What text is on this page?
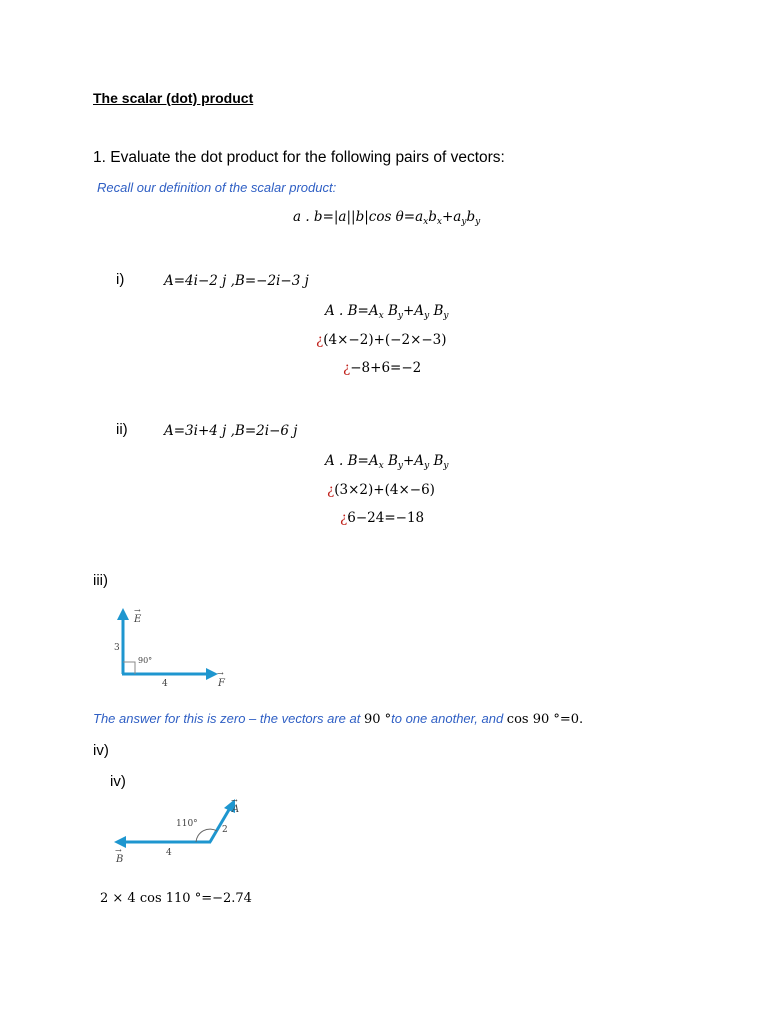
The scalar (dot) product
1. Evaluate the dot product for the following pairs of vectors:
Recall our definition of the scalar product:
a . b=|a||b|cos $\theta=a_xb_x+a_yb_y$
i)	A=4i−2 j ,B=−2i−3 j
A . $B=A_x$ $B_y+A_y$ $B_y$
¿(4×−2)+(−2×−3)
¿−8+6=−2
ii)	A=3i+4 j ,B=2i−6 j
A . $B=A_x$ $B_y+A_y$ $B_y$
¿(3×2)+(4×−6)
¿6−24=−18
iii)
E
→
F
→
3
4
90°
The answer for this is zero – the vectors are at 90 °to one another, and cos 90 °=0.
iv)
iv)
110°
2
4
A
→
B
→
2 × 4 cos 110 °=−2.74
